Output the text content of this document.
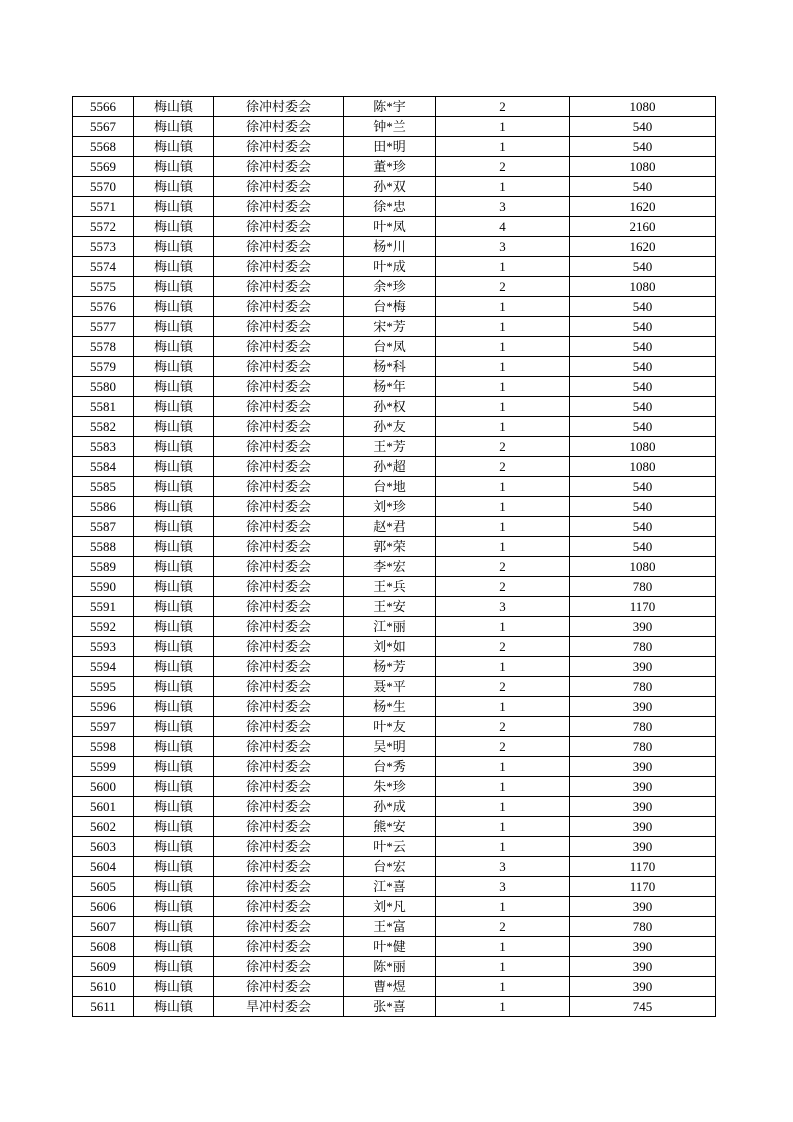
5566	梅山镇	徐冲村委会	陈*宇	2	1080
5567	梅山镇	徐冲村委会	钟*兰	1	540
5568	梅山镇	徐冲村委会	田*明	1	540
5569	梅山镇	徐冲村委会	董*珍	2	1080
5570	梅山镇	徐冲村委会	孙*双	1	540
5571	梅山镇	徐冲村委会	徐*忠	3	1620
5572	梅山镇	徐冲村委会	叶*凤	4	2160
5573	梅山镇	徐冲村委会	杨*川	3	1620
5574	梅山镇	徐冲村委会	叶*成	1	540
5575	梅山镇	徐冲村委会	余*珍	2	1080
5576	梅山镇	徐冲村委会	台*梅	1	540
5577	梅山镇	徐冲村委会	宋*芳	1	540
5578	梅山镇	徐冲村委会	台*凤	1	540
5579	梅山镇	徐冲村委会	杨*科	1	540
5580	梅山镇	徐冲村委会	杨*年	1	540
5581	梅山镇	徐冲村委会	孙*权	1	540
5582	梅山镇	徐冲村委会	孙*友	1	540
5583	梅山镇	徐冲村委会	王*芳	2	1080
5584	梅山镇	徐冲村委会	孙*超	2	1080
5585	梅山镇	徐冲村委会	台*地	1	540
5586	梅山镇	徐冲村委会	刘*珍	1	540
5587	梅山镇	徐冲村委会	赵*君	1	540
5588	梅山镇	徐冲村委会	郭*荣	1	540
5589	梅山镇	徐冲村委会	李*宏	2	1080
5590	梅山镇	徐冲村委会	王*兵	2	780
5591	梅山镇	徐冲村委会	王*安	3	1170
5592	梅山镇	徐冲村委会	江*丽	1	390
5593	梅山镇	徐冲村委会	刘*如	2	780
5594	梅山镇	徐冲村委会	杨*芳	1	390
5595	梅山镇	徐冲村委会	聂*平	2	780
5596	梅山镇	徐冲村委会	杨*生	1	390
5597	梅山镇	徐冲村委会	叶*友	2	780
5598	梅山镇	徐冲村委会	吴*明	2	780
5599	梅山镇	徐冲村委会	台*秀	1	390
5600	梅山镇	徐冲村委会	朱*珍	1	390
5601	梅山镇	徐冲村委会	孙*成	1	390
5602	梅山镇	徐冲村委会	熊*安	1	390
5603	梅山镇	徐冲村委会	叶*云	1	390
5604	梅山镇	徐冲村委会	台*宏	3	1170
5605	梅山镇	徐冲村委会	江*喜	3	1170
5606	梅山镇	徐冲村委会	刘*凡	1	390
5607	梅山镇	徐冲村委会	王*富	2	780
5608	梅山镇	徐冲村委会	叶*健	1	390
5609	梅山镇	徐冲村委会	陈*丽	1	390
5610	梅山镇	徐冲村委会	曹*煜	1	390
5611	梅山镇	旱冲村委会	张*喜	1	745
